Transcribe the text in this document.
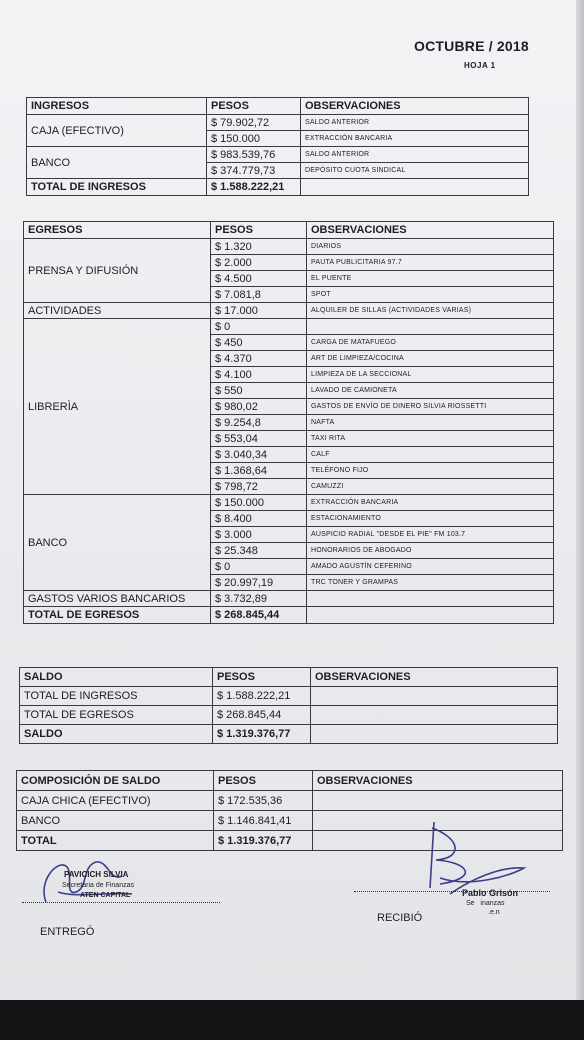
OCTUBRE / 2018
HOJA 1
INGRESOS	PESOS	OBSERVACIONES
CAJA (EFECTIVO)	$ 79.902,72	SALDO ANTERIOR
	$ 150.000	EXTRACCIÓN BANCARIA
BANCO	$ 983.539,76	SALDO ANTERIOR
	$ 374.779,73	DEPÓSITO CUOTA SINDICAL
TOTAL DE INGRESOS	$ 1.588.222,21	
EGRESOS	PESOS	OBSERVACIONES
PRENSA Y DIFUSIÓN	$ 1.320	DIARIOS
	$ 2.000	PAUTA PUBLICITARIA 97.7
	$ 4.500	EL PUENTE
	$ 7.081,8	SPOT
ACTIVIDADES	$ 17.000	ALQUILER DE SILLAS (ACTIVIDADES VARIAS)
LIBRERÌA	$ 0	
	$ 450	CARGA DE MATAFUEGO
	$ 4.370	ART DE LIMPIEZA/COCINA
	$ 4.100	LIMPIEZA DE LA SECCIONAL
	$ 550	LAVADO DE CAMIONETA
	$ 980,02	GASTOS DE ENVÍO DE DINERO SILVIA RIOSSETTI
	$ 9.254,8	NAFTA
	$ 553,04	TAXI RITA
	$ 3.040,34	CALF
	$ 1.368,64	TELÉFONO FIJO
	$ 798,72	CAMUZZI
BANCO	$ 150.000	EXTRACCIÓN BANCARIA
	$ 8.400	ESTACIONAMIENTO
	$ 3.000	AUSPICIO RADIAL "DESDE EL PIE" FM 103.7
	$ 25.348	HONORARIOS DE ABOGADO
	$ 0	AMADO AGUSTÍN CEFERINO
	$ 20.997,19	TRC TONER Y GRAMPAS
GASTOS VARIOS BANCARIOS	$ 3.732,89	
TOTAL DE EGRESOS	$ 268.845,44	
SALDO	PESOS	OBSERVACIONES
TOTAL DE INGRESOS	$ 1.588.222,21	
TOTAL DE EGRESOS	$ 268.845,44	
SALDO	$ 1.319.376,77	
COMPOSICIÓN DE SALDO	PESOS	OBSERVACIONES
CAJA CHICA (EFECTIVO)	$ 172.535,36	
BANCO	$ 1.146.841,41	
TOTAL	$ 1.319.376,77	
PAVICICH SILVIA
Secretaria de Finanzas
ATEN CAPITAL
ENTREGÓ
Pablo Grisón
Se   inanzas
.e.n
RECIBIÓ
